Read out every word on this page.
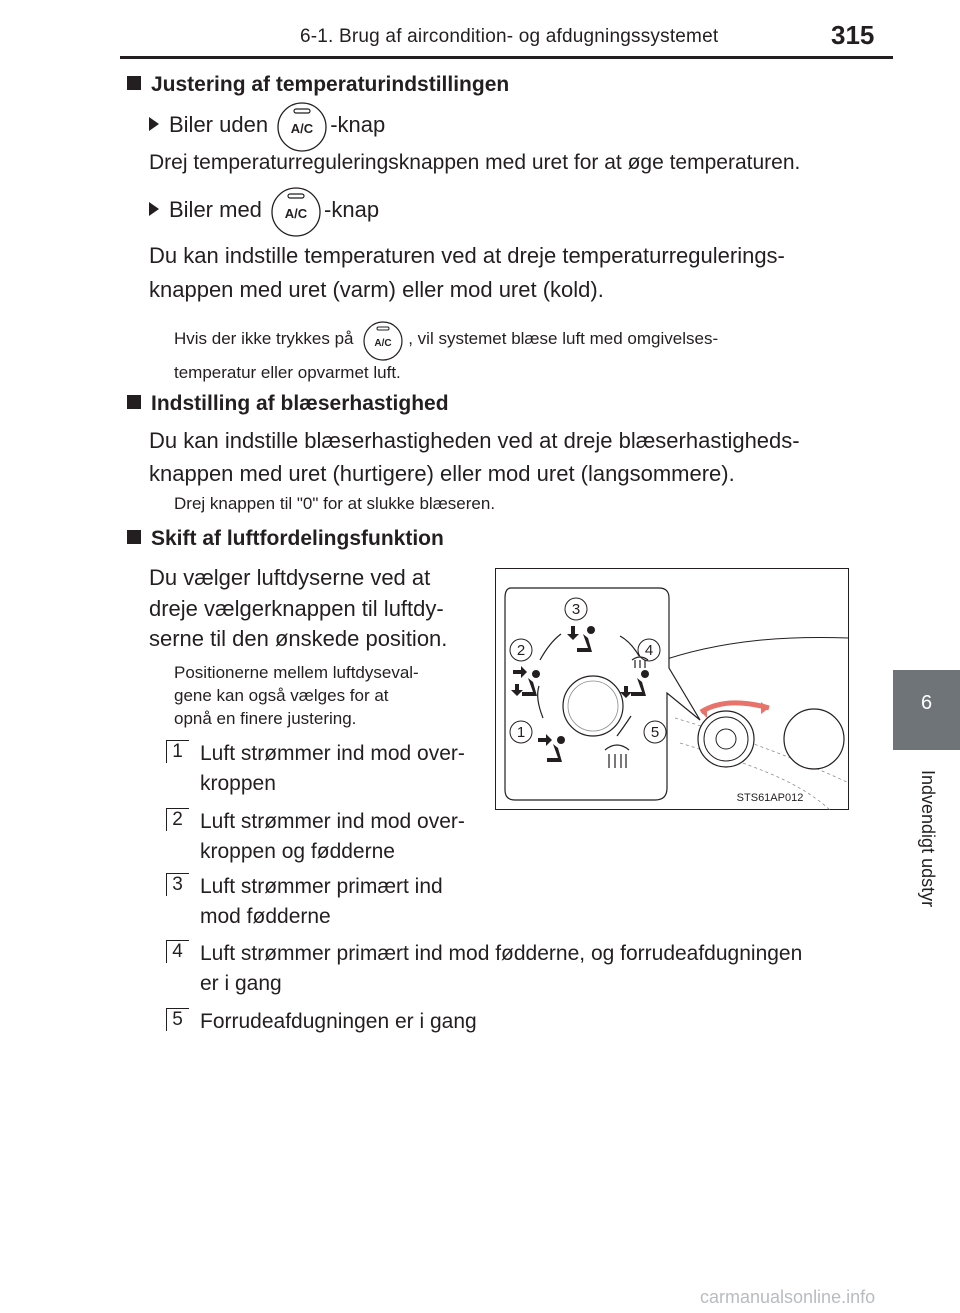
6-1. Brug af aircondition- og afdugningssystemet	315
6
Indvendigt udstyr
Justering af temperaturindstillingen
Biler uden A/C -knap
Drej temperaturreguleringsknappen med uret for at øge temperaturen.
Biler med A/C -knap
Du kan indstille temperaturen ved at dreje temperaturregulerings-
knappen med uret (varm) eller mod uret (kold).
Hvis der ikke trykkes på A/C , vil systemet blæse luft med omgivelses-
temperatur eller opvarmet luft.
Indstilling af blæserhastighed
Du kan indstille blæserhastigheden ved at dreje blæserhastigheds-
knappen med uret (hurtigere) eller mod uret (langsommere).
Drej knappen til "0" for at slukke blæseren.
Skift af luftfordelingsfunktion
Du vælger luftdyserne ved at
dreje vælgerknappen til luftdy-
serne til den ønskede position.
Positionerne mellem luftdyseval-
gene kan også vælges for at
opnå en finere justering.
1 Luft strømmer ind mod over-
kroppen
2 Luft strømmer ind mod over-
kroppen og fødderne
3 Luft strømmer primært ind
mod fødderne
4 Luft strømmer primært ind mod fødderne, og forrudeafdugningen
er i gang
5 Forrudeafdugningen er i gang
3
2	4
1	5
STS61AP012
carmanualsonline.info
